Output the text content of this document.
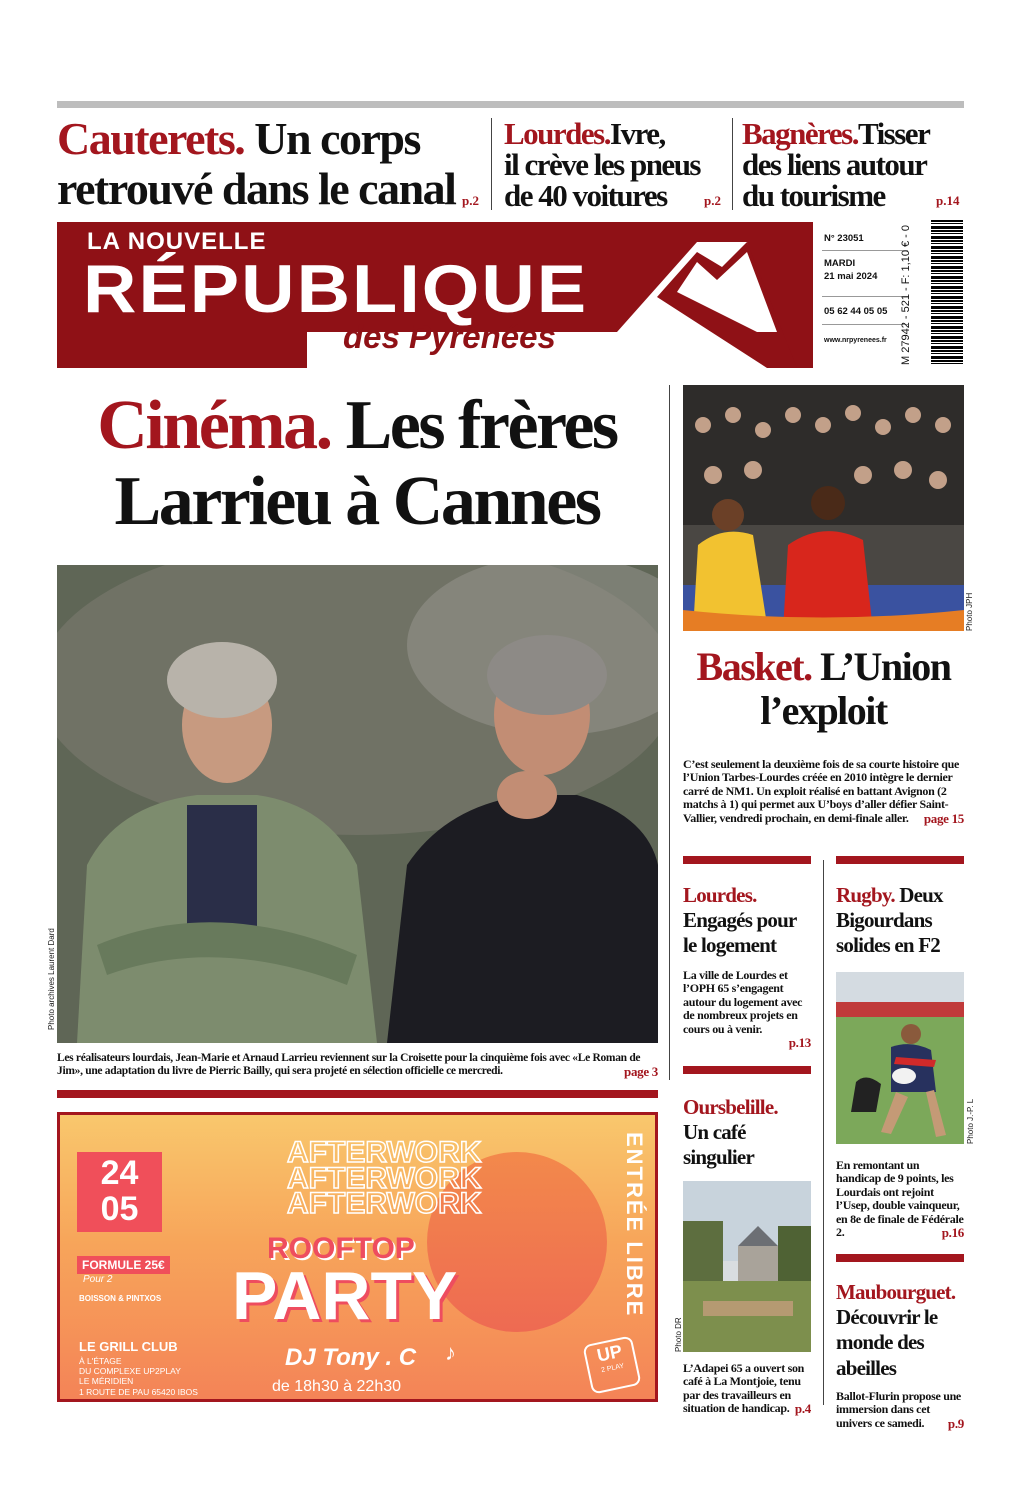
Cauterets. Un corps
retrouvé dans le canal p.2
Lourdes.Ivre,
il crève les pneus
de 40 voitures	p.2
Bagnères.Tisser
des liens autour
du tourisme	p.14
LA NOUVELLE
RÉPUBLIQUE
des Pyrénées
N° 23051
MARDI
21 mai 2024
05 62 44 05 05
www.nrpyrenees.fr M 27942 - 521 - F: 1,10 € - 0
Cinéma. Les frères
Larrieu à Cannes
Photo archives Laurent Dard
Les réalisateurs lourdais, Jean-Marie et Arnaud Larrieu reviennent sur la Croisette pour la cinquième fois avec «Le Roman de Jim», une adaptation du livre de Pierric Bailly, qui sera projeté en sélection officielle ce mercredi.	page 3
Photo JPH
Basket. L’Union
l’exploit
C’est seulement la deuxième fois de sa courte histoire que l’Union Tarbes-Lourdes créée en 2010 intègre le dernier carré de NM1. Un exploit réalisé en battant Avignon (2 matchs à 1) qui permet aux U’boys d’aller défier Saint-Vallier, vendredi prochain, en demi-finale aller. page 15
Lourdes.
Engagés pour
le logement
La ville de Lourdes et l’OPH 65 s’engagent autour du logement avec de nombreux projets en cours ou à venir.
p.13
Oursbelille.
Un café
singulier
Photo DR
L’Adapei 65 a ouvert son café à La Montjoie, tenu par des travailleurs en situation de handicap. p.4
Rugby. Deux
Bigourdans
solides en F2
Photo J.-P. L
En remontant un handicap de 9 points, les Lourdais ont rejoint l’Usep, double vainqueur, en 8e de finale de Fédérale 2.	p.16
Maubourguet.
Découvrir le
monde des
abeilles
Ballot-Flurin propose une immersion dans cet univers ce samedi. p.9
24
05
AFTERWORK
AFTERWORK
AFTERWORK
ROOFTOP
PARTY	ENTRÉE LIBRE
FORMULE 25€
Pour 2
BOISSON & PINTXOS
LE GRILL CLUB
À L'ÉTAGE
DU COMPLEXE UP2PLAY
LE MÉRIDIEN
1 ROUTE DE PAU 65420 IBOS
DJ Tony . C ♪
de 18h30 à 22h30
UP
2 PLAY
